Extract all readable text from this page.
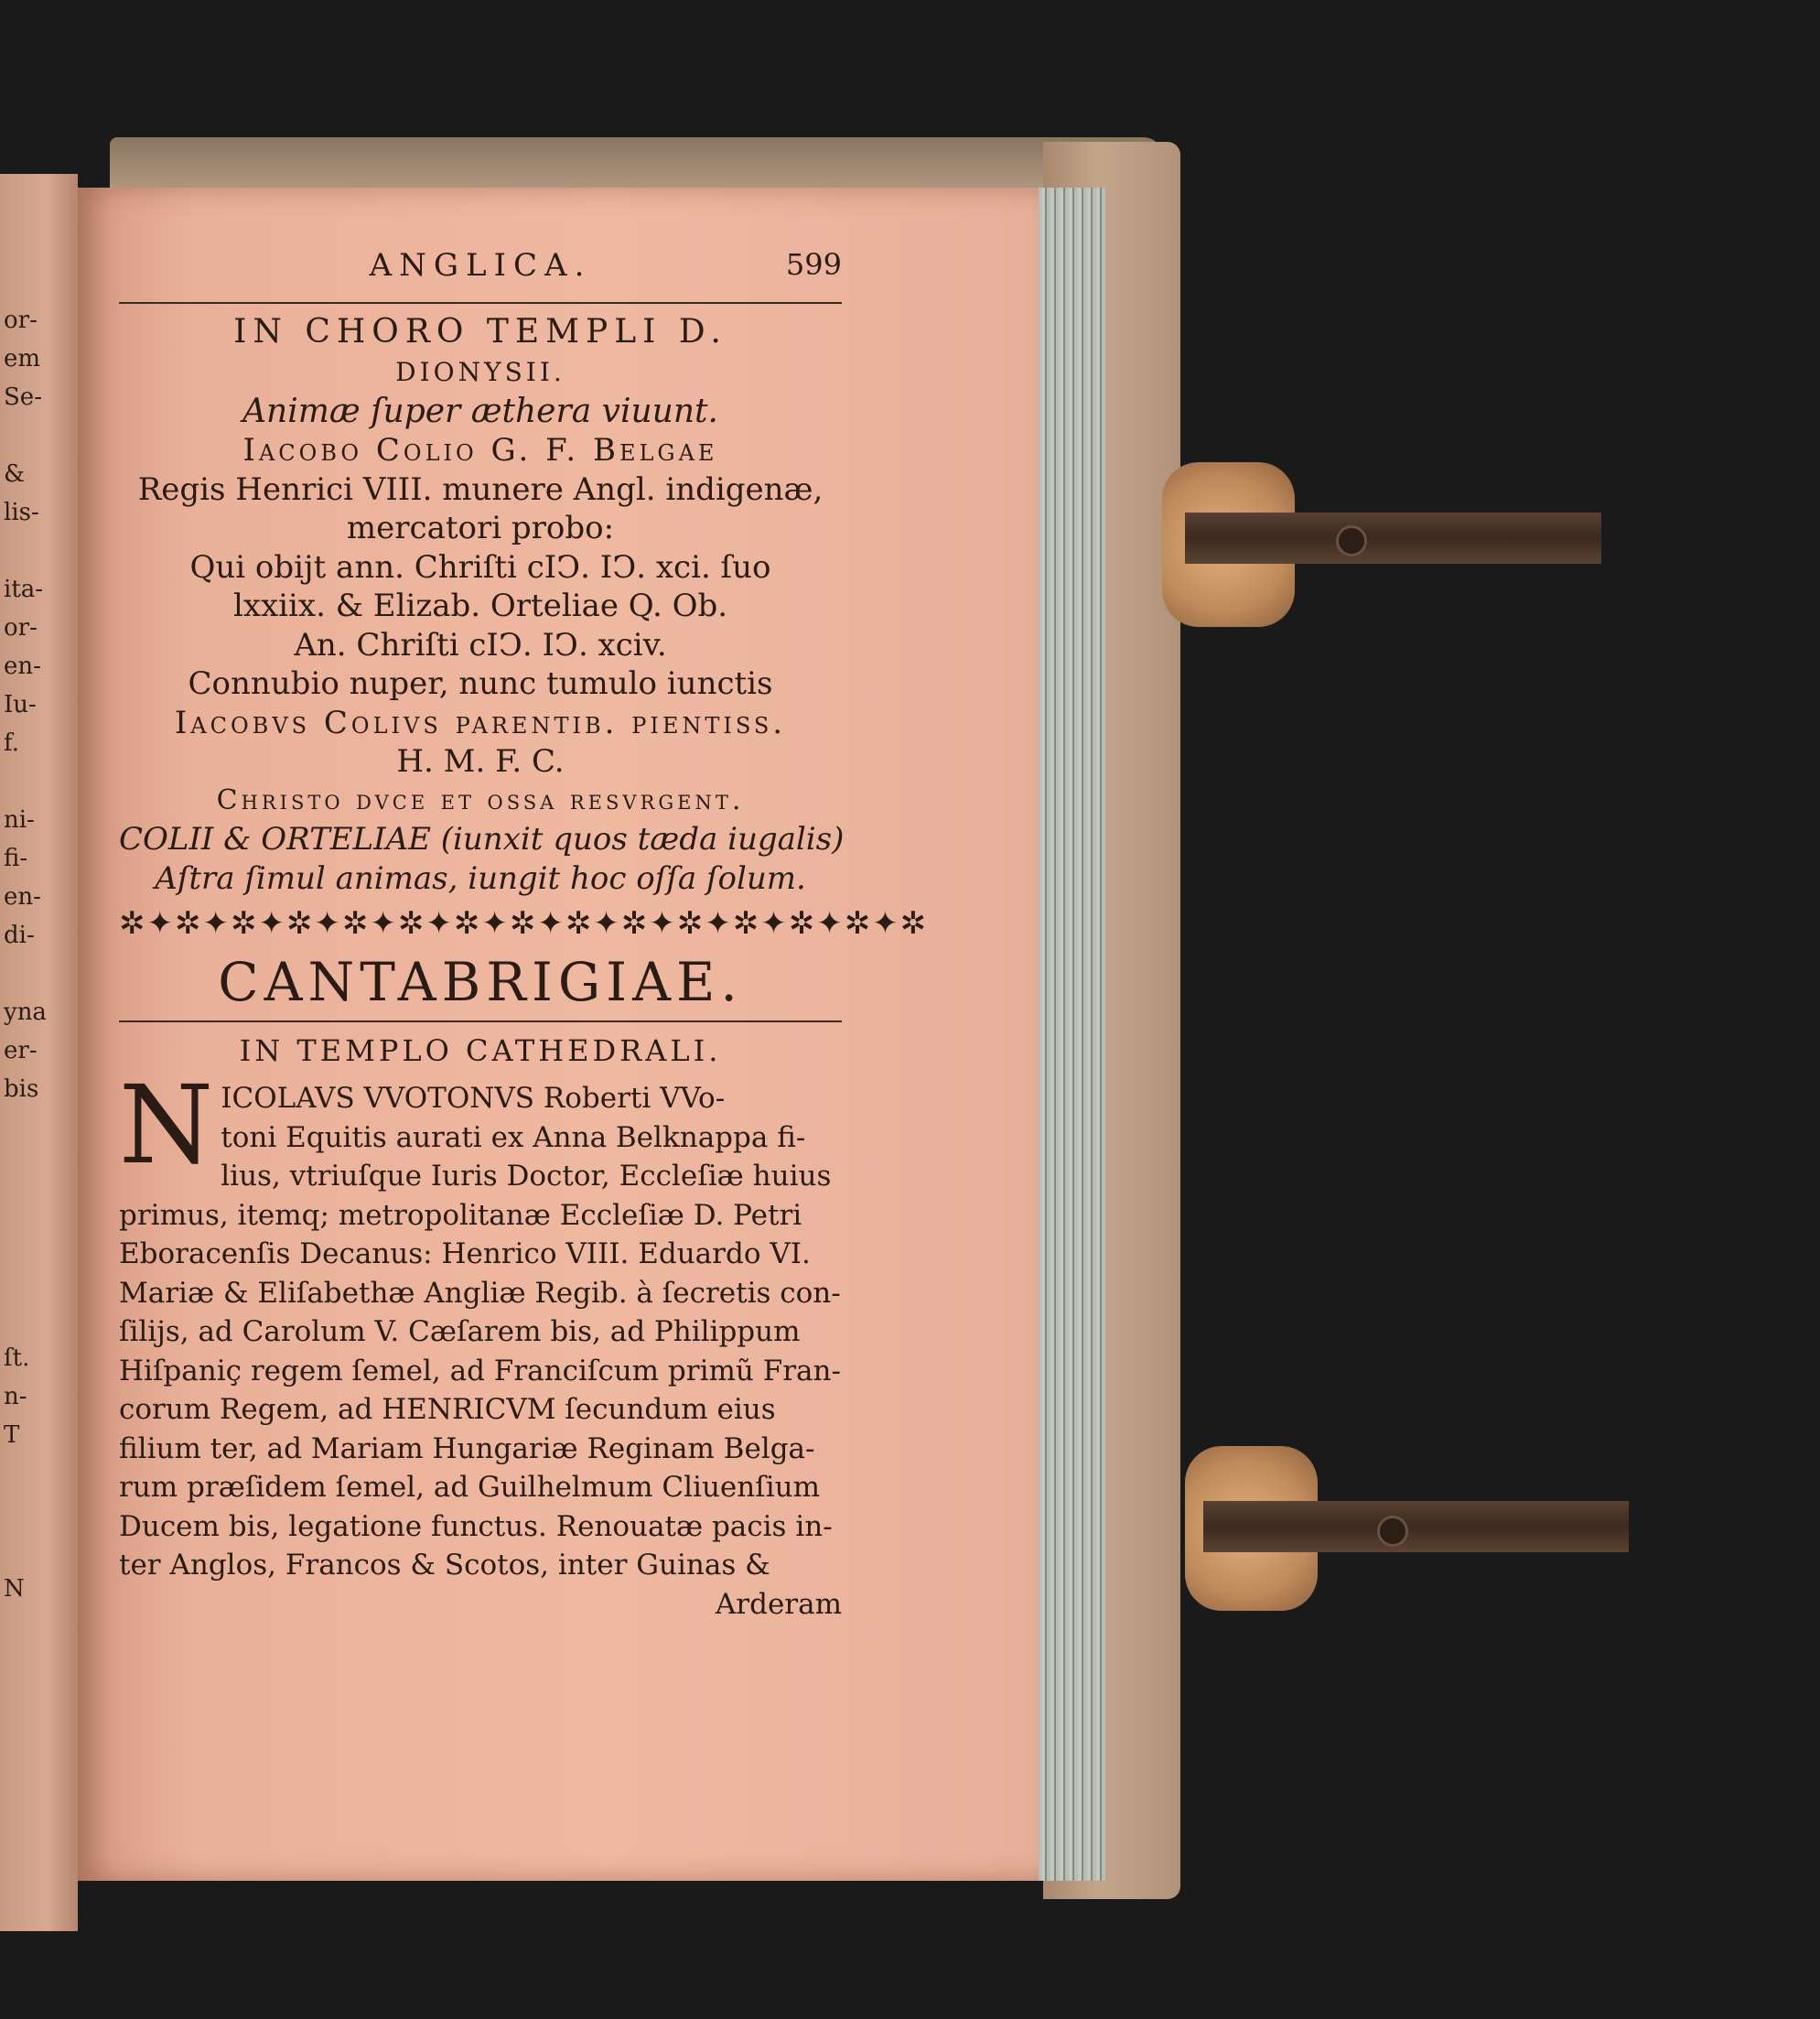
or-
em
Se-
&
lis-
ita-
or-
en-
Iu-
f.
ni-
fi-
en-
di-
yna
er-
bis
ſt.
n-
T
N
ANGLICA.	599
IN CHORO TEMPLI D.
DIONYSII.
Animæ ſuper æthera viuunt.
Iacobo Colio G. F. Belgae
Regis Henrici VIII. munere Angl. indigenæ,
mercatori probo:
Qui obijt ann. Chriſti cIↃ. IↃ. xci. ſuo
lxxiix. & Elizab. Orteliae Q. Ob.
An. Chriſti cIↃ. IↃ. xciv.
Connubio nuper, nunc tumulo iunctis
Iacobvs Colivs parentib. pientiſſ.
H. M. F. C.
Christo dvce et ossa resvrgent.
COLII & ORTELIAE (iunxit quos tæda iugalis)
Aſtra ſimul animas, iungit hoc oſſa ſolum.
✲✦✲✦✲✦✲✦✲✦✲✦✲✦✲✦✲✦✲✦✲✦✲✦✲✦✲✦✲
CANTABRIGIAE.
IN TEMPLO CATHEDRALI.
N ICOLAVS VVOTONVS Roberti VVo-
toni Equitis aurati ex Anna Belknappa fi-
lius, vtriuſque Iuris Doctor, Eccleſiæ huius
primus, itemq; metropolitanæ Eccleſiæ D. Petri
Eboracenſis Decanus: Henrico VIII. Eduardo VI.
Mariæ & Eliſabethæ Angliæ Regib. à ſecretis con-
ſilijs, ad Carolum V. Cæſarem bis, ad Philippum
Hiſpaniç regem ſemel, ad Franciſcum primũ Fran-
corum Regem, ad HENRICVM ſecundum eius
filium ter, ad Mariam Hungariæ Reginam Belga-
rum præſidem ſemel, ad Guilhelmum Cliuenſium
Ducem bis, legatione functus. Renouatæ pacis in-
ter Anglos, Francos & Scotos, inter Guinas &
Arderam
